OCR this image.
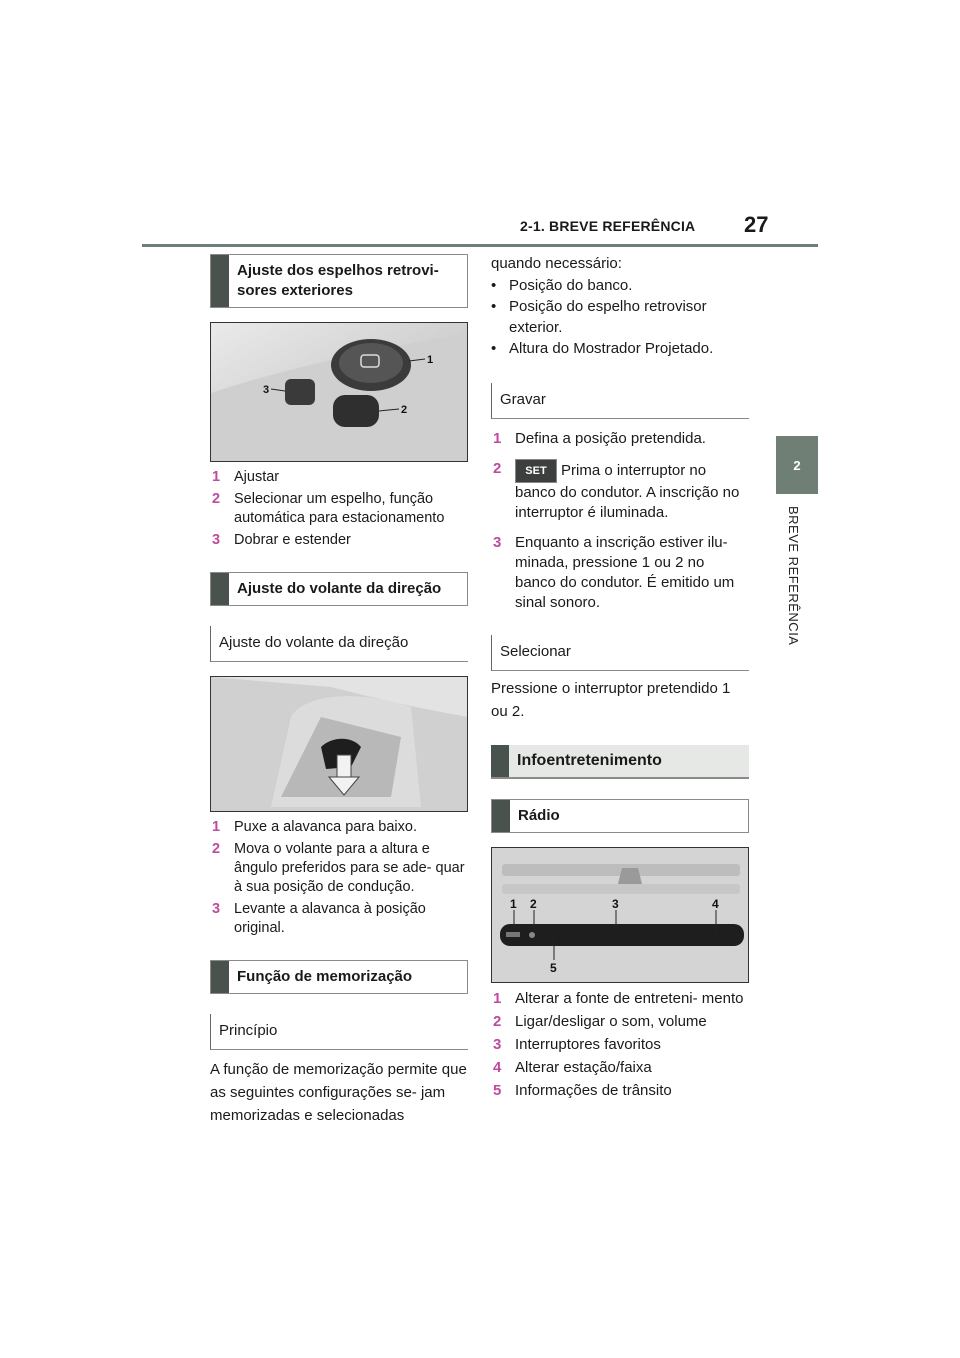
2-1. BREVE REFERÊNCIA 27
2
BREVE REFERÊNCIA
Ajuste dos espelhos retrovi- sores exteriores
1
2
3
1 Ajustar
2 Selecionar um espelho, função automática para estacionamento
3 Dobrar e estender
Ajuste do volante da direção
Ajuste do volante da direção
1 Puxe a alavanca para baixo.
2 Mova o volante para a altura e ângulo preferidos para se ade- quar à sua posição de condução.
3 Levante a alavanca à posição original.
Função de memorização
Princípio
A função de memorização permite que as seguintes configurações se- jam memorizadas e selecionadas
quando necessário:
• Posição do banco.
• Posição do espelho retrovisor exterior.
• Altura do Mostrador Projetado.
Gravar
1 Defina a posição pretendida.
2	SET Prima o interruptor no banco do condutor. A inscrição no interruptor é iluminada.
3 Enquanto a inscrição estiver ilu- minada, pressione 1 ou 2 no banco do condutor. É emitido um sinal sonoro.
Selecionar
Pressione o interruptor pretendido 1 ou 2.
Infoentretenimento
Rádio
1 2	3	4
5
1 Alterar a fonte de entreteni- mento
2 Ligar/desligar o som, volume
3 Interruptores favoritos
4 Alterar estação/faixa
5 Informações de trânsito
